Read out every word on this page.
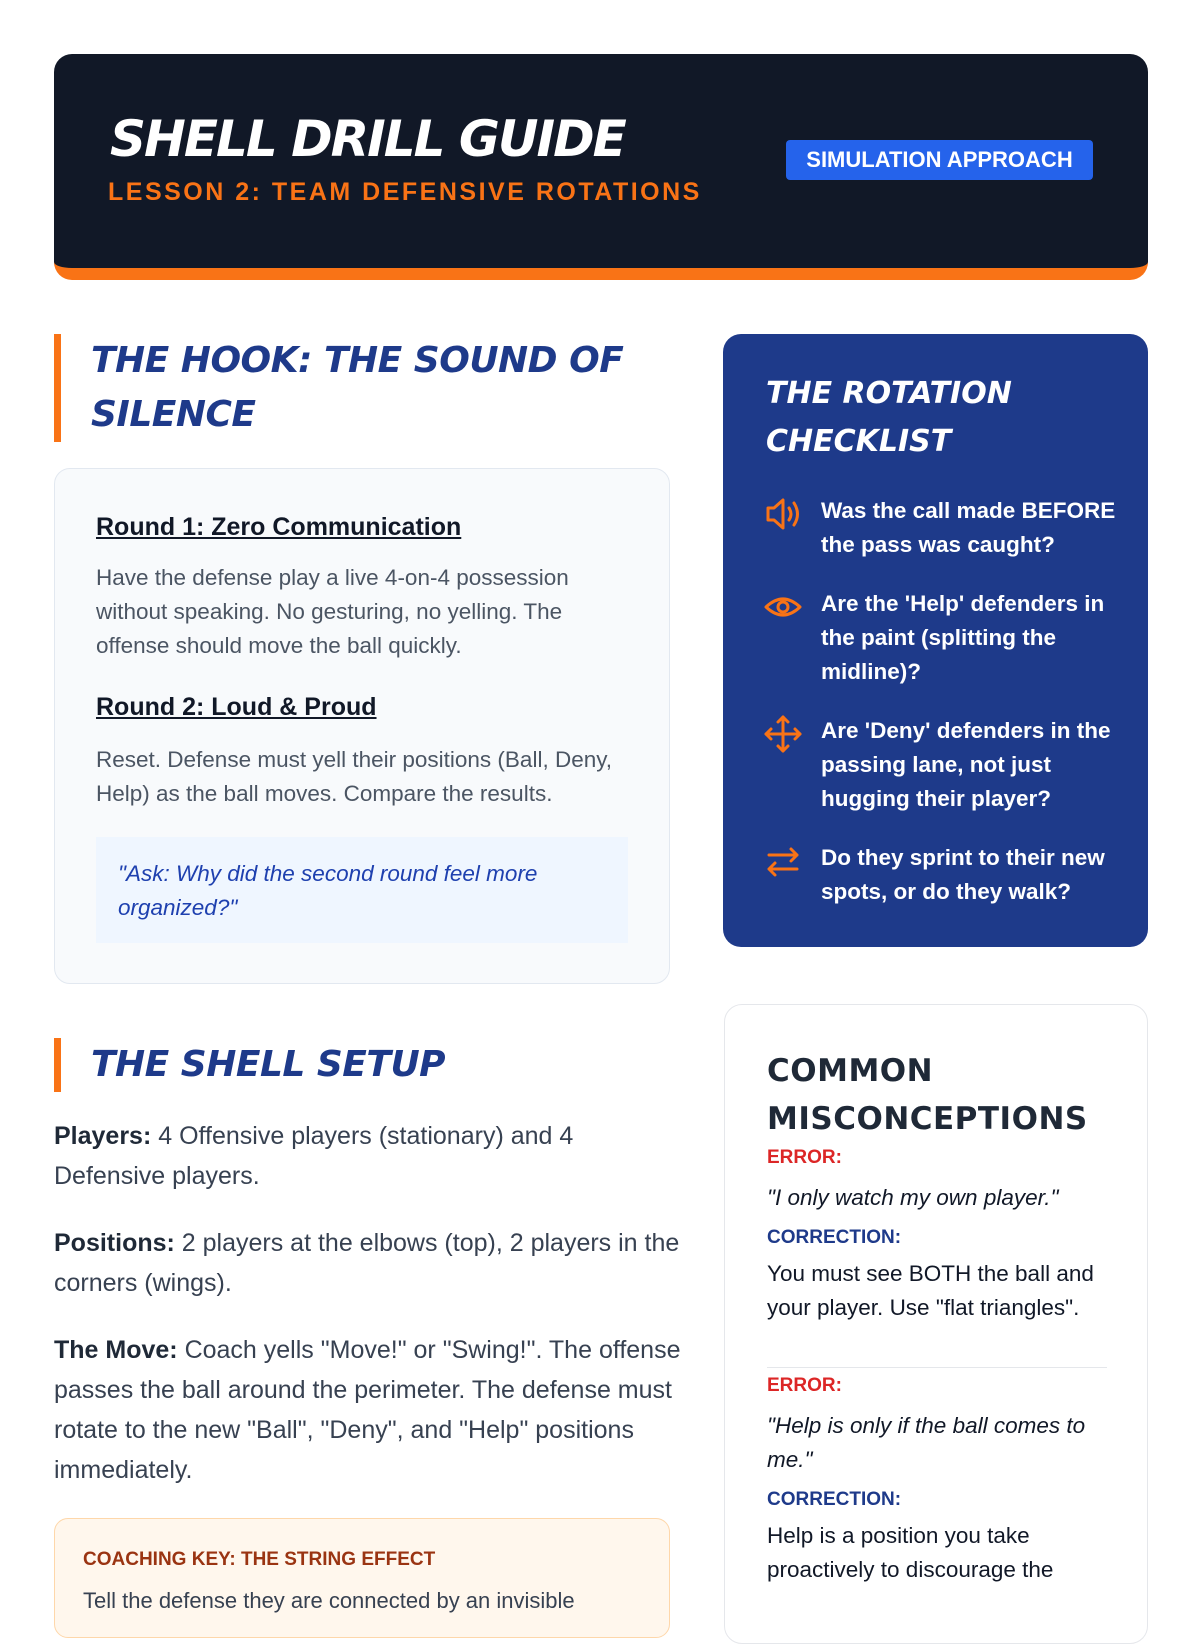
SHELL DRILL GUIDE
LESSON 2: TEAM DEFENSIVE ROTATIONS
SIMULATION APPROACH
THE HOOK: THE SOUND OF SILENCE
Round 1: Zero Communication
Have the defense play a live 4-on-4 possession without speaking. No gesturing, no yelling. The offense should move the ball quickly.
Round 2: Loud & Proud
Reset. Defense must yell their positions (Ball, Deny, Help) as the ball moves. Compare the results.
"Ask: Why did the second round feel more organized?"
THE SHELL SETUP
Players: 4 Offensive players (stationary) and 4 Defensive players.
Positions: 2 players at the elbows (top), 2 players in the corners (wings).
The Move: Coach yells "Move!" or "Swing!". The offense passes the ball around the perimeter. The defense must rotate to the new "Ball", "Deny", and "Help" positions immediately.
COACHING KEY: THE STRING EFFECT
Tell the defense they are connected by an invisible
THE ROTATION CHECKLIST
Was the call made BEFORE the pass was caught?
Are the 'Help' defenders in the paint (splitting the midline)?
Are 'Deny' defenders in the passing lane, not just hugging their player?
Do they sprint to their new spots, or do they walk?
COMMON MISCONCEPTIONS
ERROR:
"I only watch my own player."
CORRECTION:
You must see BOTH the ball and your player. Use "flat triangles".
ERROR:
"Help is only if the ball comes to me."
CORRECTION:
Help is a position you take proactively to discourage the
